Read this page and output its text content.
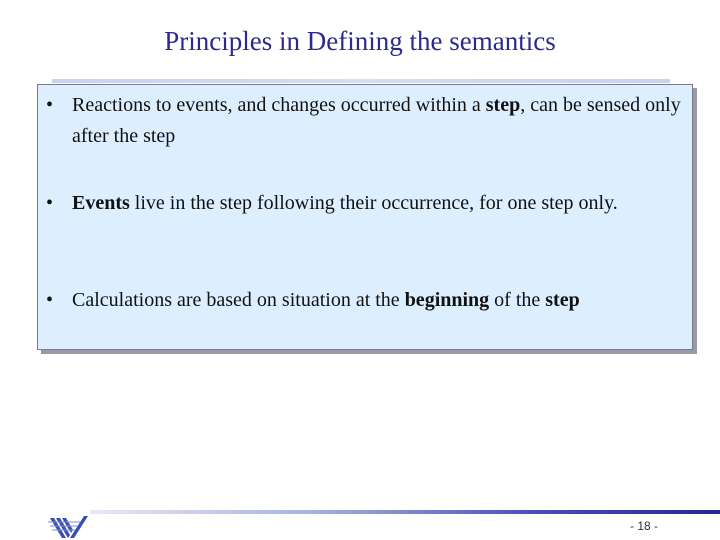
Principles in Defining the semantics
• Reactions to events, and changes occurred within a step, can be sensed only after the step
• Events live in the step following their occurrence, for one step only.
• Calculations are based on situation at the beginning of the step
- 18 -
